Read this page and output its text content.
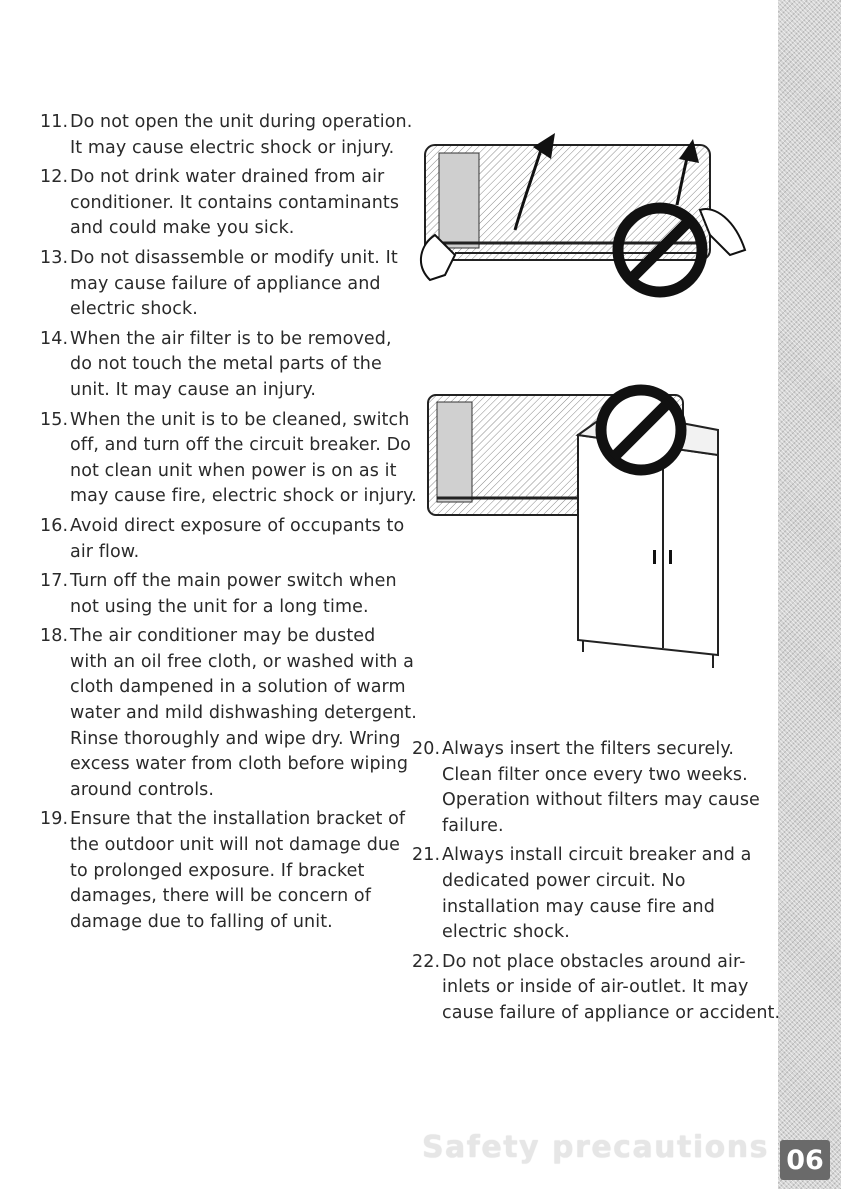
11. Do not open the unit during operation. It may cause electric shock or injury.
12. Do not drink water drained from air conditioner. It contains contaminants and could make you sick.
13. Do not disassemble or modify unit. It may cause failure of appliance and electric shock.
14. When the air filter is to be removed, do not touch the metal parts of the unit. It may cause an injury.
15. When the unit is to be cleaned, switch off, and turn off the circuit breaker. Do not clean unit when power is on as it may cause fire, electric shock or injury.
16. Avoid direct exposure of occupants to air flow.
17. Turn off the main power switch when not using the unit for a long time.
18. The air conditioner may be dusted with an oil free cloth, or washed with a cloth dampened in a solution of warm water and mild dishwashing detergent. Rinse thoroughly and wipe dry. Wring excess water from cloth before wiping around controls.
19. Ensure that the installation bracket of the outdoor unit will not damage due to prolonged exposure. If bracket damages, there will be concern of damage due to falling of unit.
20. Always insert the filters securely. Clean filter once every two weeks. Operation without filters may cause failure.
21. Always install circuit breaker and a dedicated power circuit. No installation may cause fire and electric shock.
22. Do not place obstacles around air-inlets or inside of air-outlet. It may cause failure of appliance or accident.
Safety precautions 06
